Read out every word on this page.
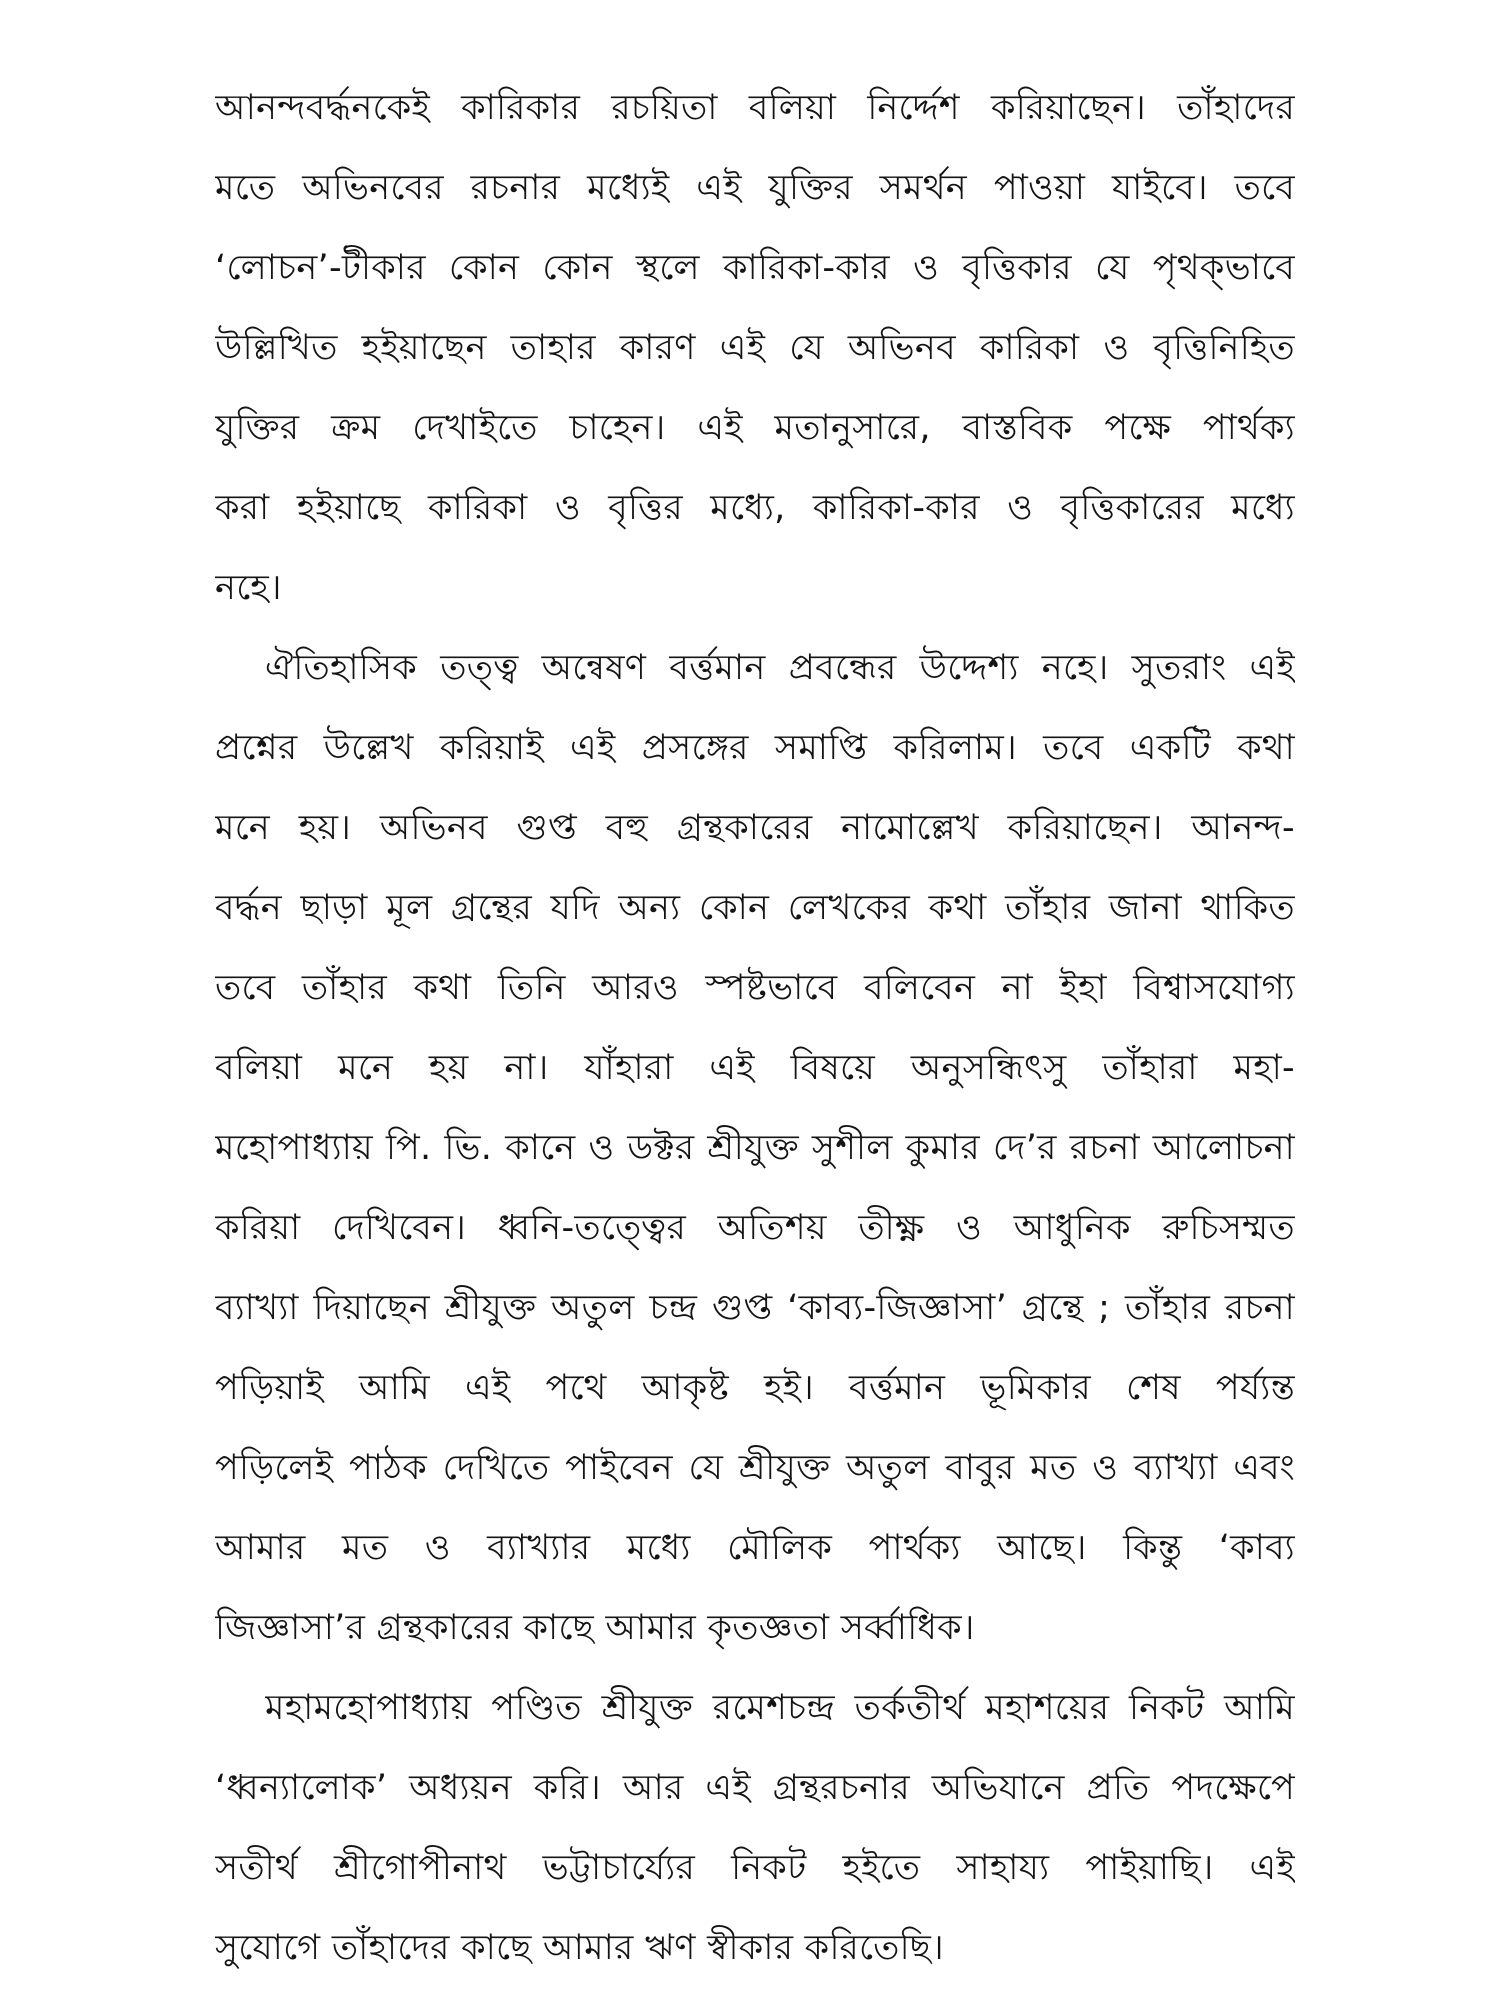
আনন্দবৰ্দ্ধনকেই কারিকার রচয়িতা বলিয়া নির্দ্দেশ করিয়াছেন। তাঁহাদের
মতে অভিনবের রচনার মধ্যেই এই যুক্তির সমর্থন পাওয়া যাইবে। তবে
‘লোচন’-টীকার কোন কোন স্থলে কারিকা-কার ও বৃত্তিকার যে পৃথক্‌ভাবে
উল্লিখিত হইয়াছেন তাহার কারণ এই যে অভিনব কারিকা ও বৃত্তিনিহিত
যুক্তির ক্রম দেখাইতে চাহেন। এই মতানুসারে, বাস্তবিক পক্ষে পার্থক্য
করা হইয়াছে কারিকা ও বৃত্তির মধ্যে, কারিকা-কার ও বৃত্তিকারের মধ্যে
নহে।
ঐতিহাসিক তত্ত্ব অন্বেষণ বৰ্ত্তমান প্রবন্ধের উদ্দেশ্য নহে। সুতরাং এই
প্রশ্নের উল্লেখ করিয়াই এই প্রসঙ্গের সমাপ্তি করিলাম। তবে একটি কথা
মনে হয়। অভিনব গুপ্ত বহু গ্রন্থকারের নামোল্লেখ করিয়াছেন। আনন্দ-
বৰ্দ্ধন ছাড়া মূল গ্রন্থের যদি অন্য কোন লেখকের কথা তাঁহার জানা থাকিত
তবে তাঁহার কথা তিনি আরও স্পষ্টভাবে বলিবেন না ইহা বিশ্বাসযোগ্য
বলিয়া মনে হয় না। যাঁহারা এই বিষয়ে অনুসন্ধিৎসু তাঁহারা মহা-
মহোপাধ্যায় পি. ভি. কানে ও ডক্টর শ্রীযুক্ত সুশীল কুমার দে’র রচনা আলোচনা
করিয়া দেখিবেন। ধ্বনি-তত্ত্বের অতিশয় তীক্ষ্ণ ও আধুনিক রুচিসম্মত
ব্যাখ্যা দিয়াছেন শ্রীযুক্ত অতুল চন্দ্র গুপ্ত ‘কাব্য-জিজ্ঞাসা’ গ্রন্থে ; তাঁহার রচনা
পড়িয়াই আমি এই পথে আকৃষ্ট হই। বৰ্ত্তমান ভূমিকার শেষ পর্য্যন্ত
পড়িলেই পাঠক দেখিতে পাইবেন যে শ্রীযুক্ত অতুল বাবুর মত ও ব্যাখ্যা এবং
আমার মত ও ব্যাখ্যার মধ্যে মৌলিক পার্থক্য আছে। কিন্তু ‘কাব্য
জিজ্ঞাসা’র গ্রন্থকারের কাছে আমার কৃতজ্ঞতা সৰ্ব্বাধিক।
মহামহোপাধ্যায় পণ্ডিত শ্রীযুক্ত রমেশচন্দ্র তর্কতীর্থ মহাশয়ের নিকট আমি
‘ধ্বন্যালোক’ অধ্যয়ন করি। আর এই গ্রন্থরচনার অভিযানে প্রতি পদক্ষেপে
সতীর্থ শ্রীগোপীনাথ ভট্টাচার্য্যের নিকট হইতে সাহায্য পাইয়াছি। এই
সুযোগে তাঁহাদের কাছে আমার ঋণ স্বীকার করিতেছি।
